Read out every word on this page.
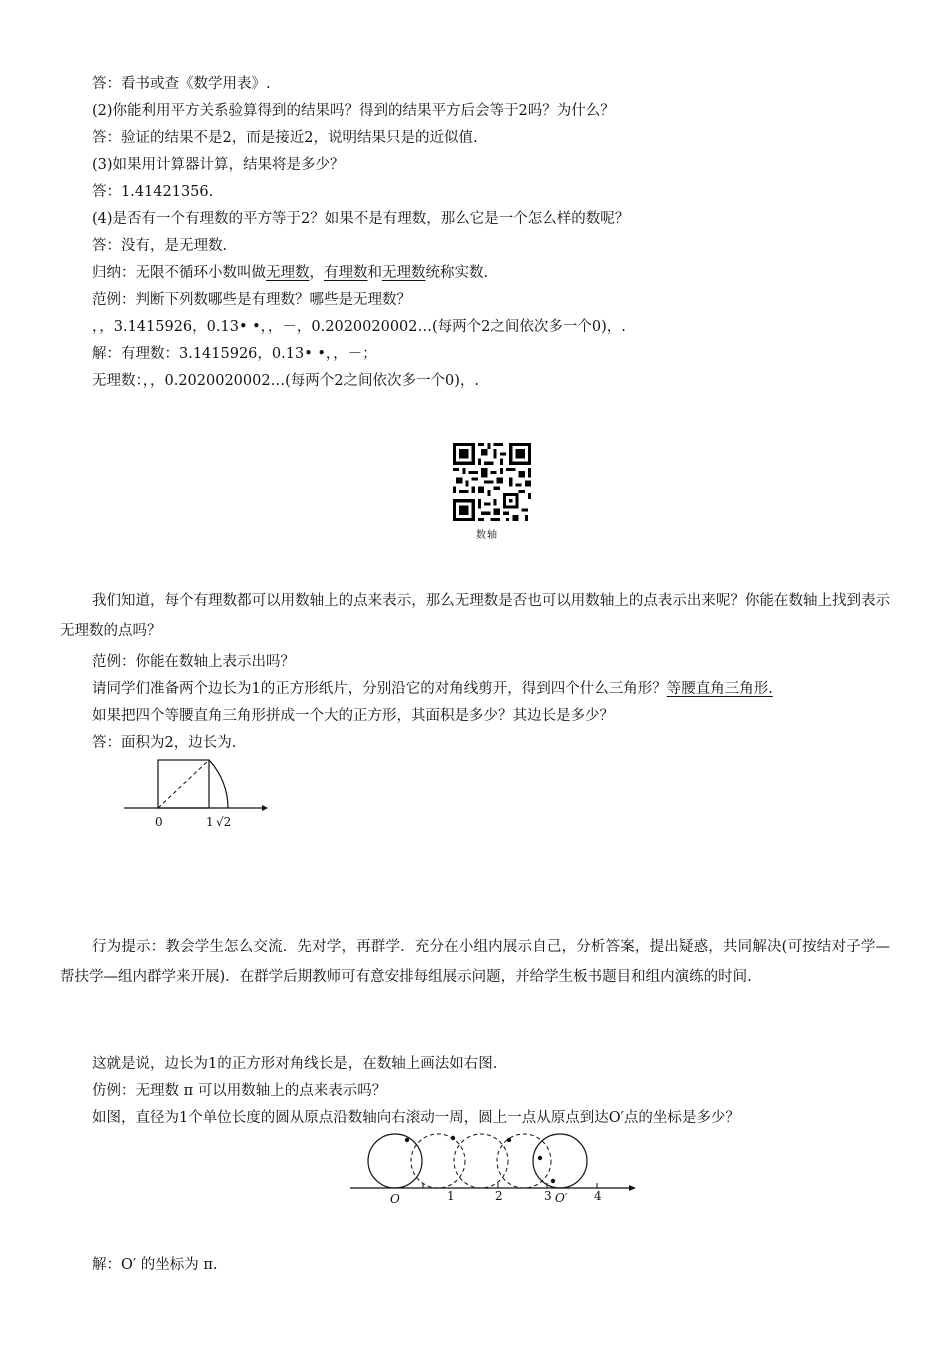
答：看书或查《数学用表》.
(2)你能利用平方关系验算得到的结果吗？得到的结果平方后会等于2吗？为什么？
答：验证的结果不是2，而是接近2，说明结果只是的近似值.
(3)如果用计算器计算，结果将是多少？
答：1.41421356.
(4)是否有一个有理数的平方等于2？如果不是有理数，那么它是一个怎么样的数呢？
答：没有，是无理数.
归纳：无限不循环小数叫做无理数，有理数和无理数统称实数.
范例：判断下列数哪些是有理数？哪些是无理数？
，，3.1415926，0.13• •，，－，0.2020020002…(每两个2之间依次多一个0)，.
解：有理数：3.1415926，0.13• •，，－；
无理数：，，0.2020020002…(每两个2之间依次多一个0)，.
数轴
我们知道，每个有理数都可以用数轴上的点来表示，那么无理数是否也可以用数轴上的点表示出来呢？你能在数轴上找到表示无理数的点吗？
范例：你能在数轴上表示出吗？
请同学们准备两个边长为1的正方形纸片，分别沿它的对角线剪开，得到四个什么三角形？等腰直角三角形.
如果把四个等腰直角三角形拼成一个大的正方形，其面积是多少？其边长是多少？
答：面积为2，边长为.
0	1 √2
行为提示：教会学生怎么交流．先对学，再群学．充分在小组内展示自己，分析答案，提出疑惑，共同解决(可按结对子学—帮扶学—组内群学来开展)．在群学后期教师可有意安排每组展示问题，并给学生板书题目和组内演练的时间.
这就是说，边长为1的正方形对角线长是，在数轴上画法如右图.
仿例：无理数 π 可以用数轴上的点来表示吗？
如图，直径为1个单位长度的圆从原点沿数轴向右滚动一周，圆上一点从原点到达O′点的坐标是多少？
O	1	2	3 O′ 4
解：O′ 的坐标为 π.
